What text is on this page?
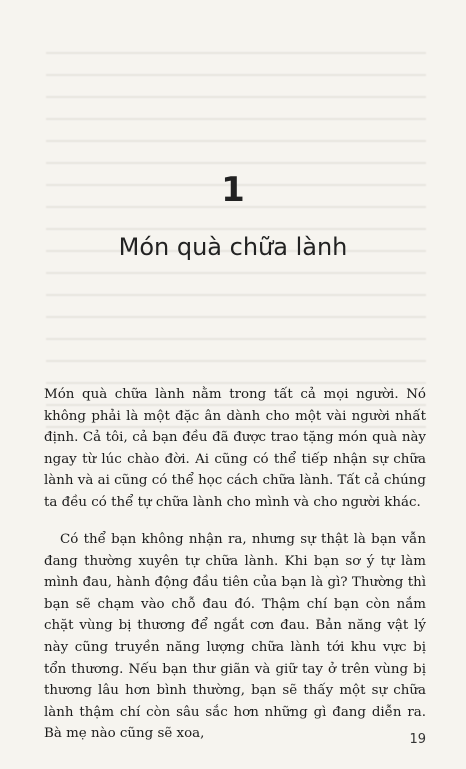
1
Món quà chữa lành

Món quà chữa lành nằm trong tất cả mọi người. Nó không phải là một đặc ân dành cho một vài người nhất định. Cả tôi, cả bạn đều đã được trao tặng món quà này ngay từ lúc chào đời. Ai cũng có thể tiếp nhận sự chữa lành và ai cũng có thể học cách chữa lành. Tất cả chúng ta đều có thể tự chữa lành cho mình và cho người khác.

Có thể bạn không nhận ra, nhưng sự thật là bạn vẫn đang thường xuyên tự chữa lành. Khi bạn sơ ý tự làm mình đau, hành động đầu tiên của bạn là gì? Thường thì bạn sẽ chạm vào chỗ đau đó. Thậm chí bạn còn nắm chặt vùng bị thương để ngắt cơn đau. Bản năng vật lý này cũng truyền năng lượng chữa lành tới khu vực bị tổn thương. Nếu bạn thư giãn và giữ tay ở trên vùng bị thương lâu hơn bình thường, bạn sẽ thấy một sự chữa lành thậm chí còn sâu sắc hơn những gì đang diễn ra. Bà mẹ nào cũng sẽ xoa,	19
